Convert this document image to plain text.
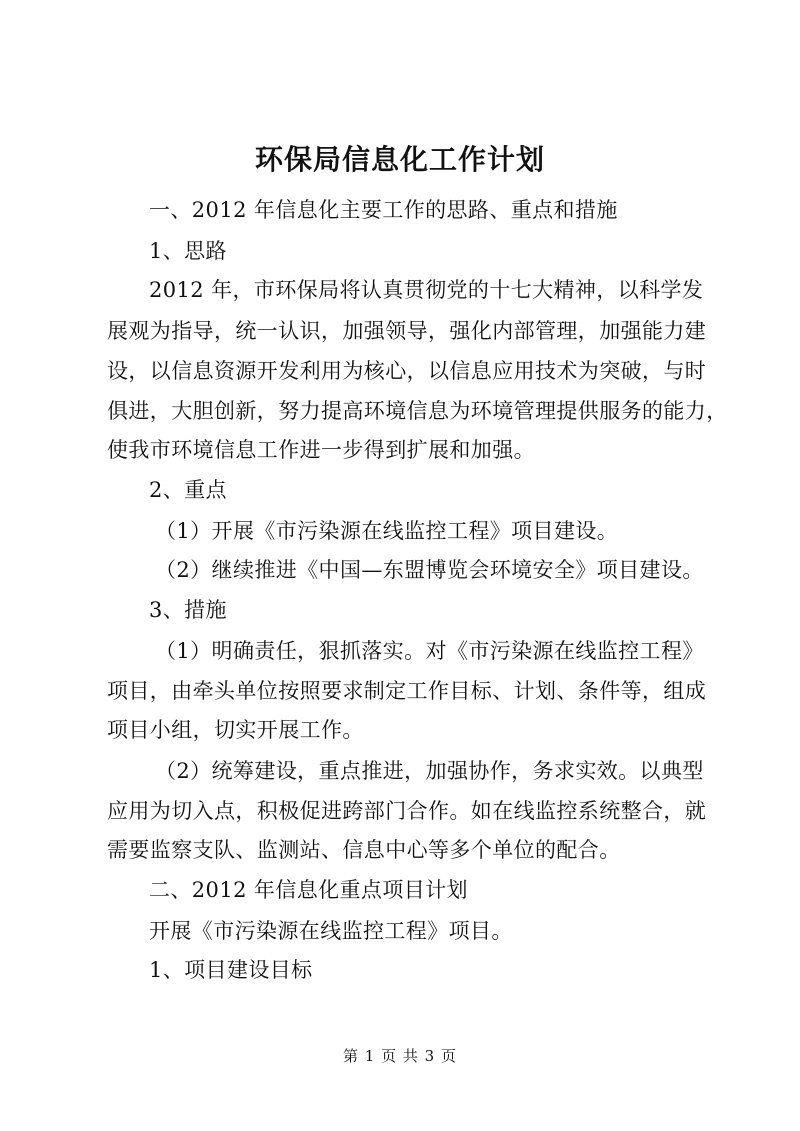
环保局信息化工作计划
一、2012 年信息化主要工作的思路、重点和措施
1、思路
2012 年，市环保局将认真贯彻党的十七大精神，以科学发
展观为指导，统一认识，加强领导，强化内部管理，加强能力建
设，以信息资源开发利用为核心，以信息应用技术为突破，与时
俱进，大胆创新，努力提高环境信息为环境管理提供服务的能力，
使我市环境信息工作进一步得到扩展和加强。
2、重点
（1）开展《市污染源在线监控工程》项目建设。
（2）继续推进《中国—东盟博览会环境安全》项目建设。
3、措施
（1）明确责任，狠抓落实。对《市污染源在线监控工程》
项目，由牵头单位按照要求制定工作目标、计划、条件等，组成
项目小组，切实开展工作。
（2）统筹建设，重点推进，加强协作，务求实效。以典型
应用为切入点，积极促进跨部门合作。如在线监控系统整合，就
需要监察支队、监测站、信息中心等多个单位的配合。
二、2012 年信息化重点项目计划
开展《市污染源在线监控工程》项目。
1、项目建设目标
第 1 页 共 3 页
